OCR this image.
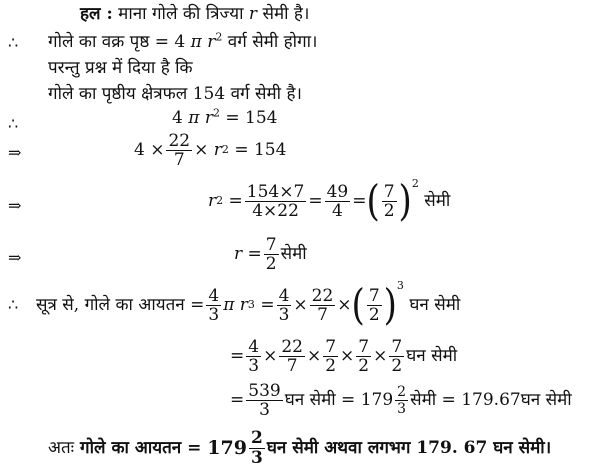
हल : माना गोले की त्रिज्या r सेमी है।
∴ गोले का वक्र पृष्ठ = 4 π $r^2$ वर्ग सेमी होगा।
परन्तु प्रश्न में दिया है कि
गोले का पृष्ठीय क्षेत्रफल 154 वर्ग सेमी है।
∴	4 π $r^2 = 154$
⇒	$4 \times \frac{22}{7}$ ×
r 2
= 154
⇒	r 2
= $\frac{154\times 7}{4\times 22} = \frac{49}{4}$ = ( $\frac{7}{2}$ ) 2

सेमी
⇒	r
= $\frac{7}{2}$ सेमी
∴ सूत्र से, गोले का आयतन = $\frac{4}{3}$ π
r 3
= $\frac{4}{3} \times \frac{22}{7}$ × ( $\frac{7}{2}$ ) 3

घन सेमी
= $\frac{4}{3} \times \frac{22}{7} \times \frac{7}{2} \times \frac{7}{2} \times \frac{7}{2}$ घन सेमी
= $\frac{539}{3}$ घन सेमी =
$179 \frac{2}{3}$ सेमी =
179.67 घन सेमी
अतः
गोले का आयतन =
$179 \frac{2}{3}$ घन सेमी अथवा लगभग 179. 67 घन सेमी।
